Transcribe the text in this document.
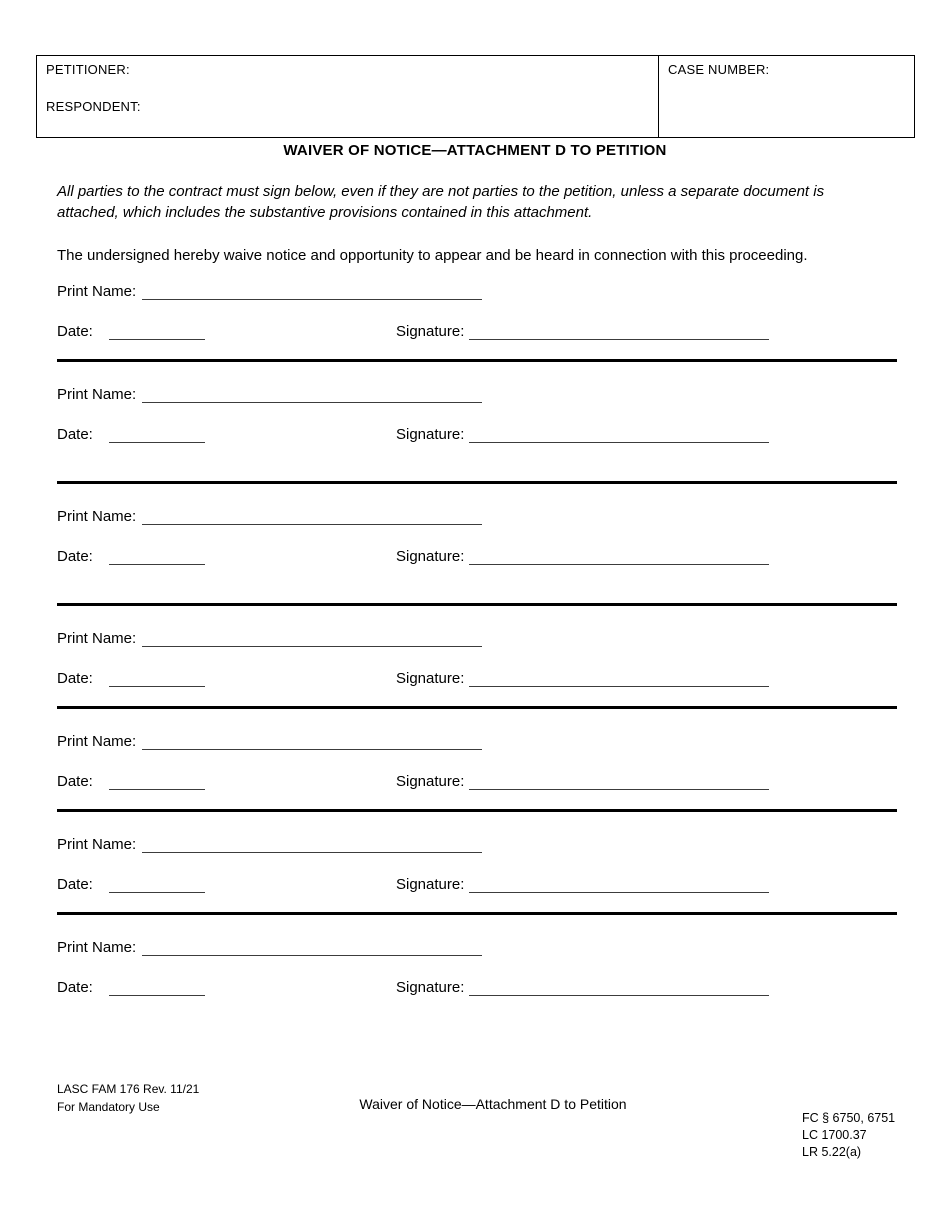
PETITIONER:
RESPONDENT:
CASE NUMBER:
WAIVER OF NOTICE—ATTACHMENT D TO PETITION

All parties to the contract must sign below, even if they are not parties to the petition, unless a separate document is attached, which includes the substantive provisions contained in this attachment.

The undersigned hereby waive notice and opportunity to appear and be heard in connection with this proceeding.

Print Name:
Date:	Signature:
Print Name:
Date:	Signature:
Print Name:
Date:	Signature:
Print Name:
Date:	Signature:
Print Name:
Date:	Signature:
Print Name:
Date:	Signature:
Print Name:
Date:	Signature:
LASC FAM 176 Rev. 11/21
For Mandatory Use	Waiver of Notice—Attachment D to Petition
FC § 6750, 6751
LC 1700.37
LR 5.22(a)
